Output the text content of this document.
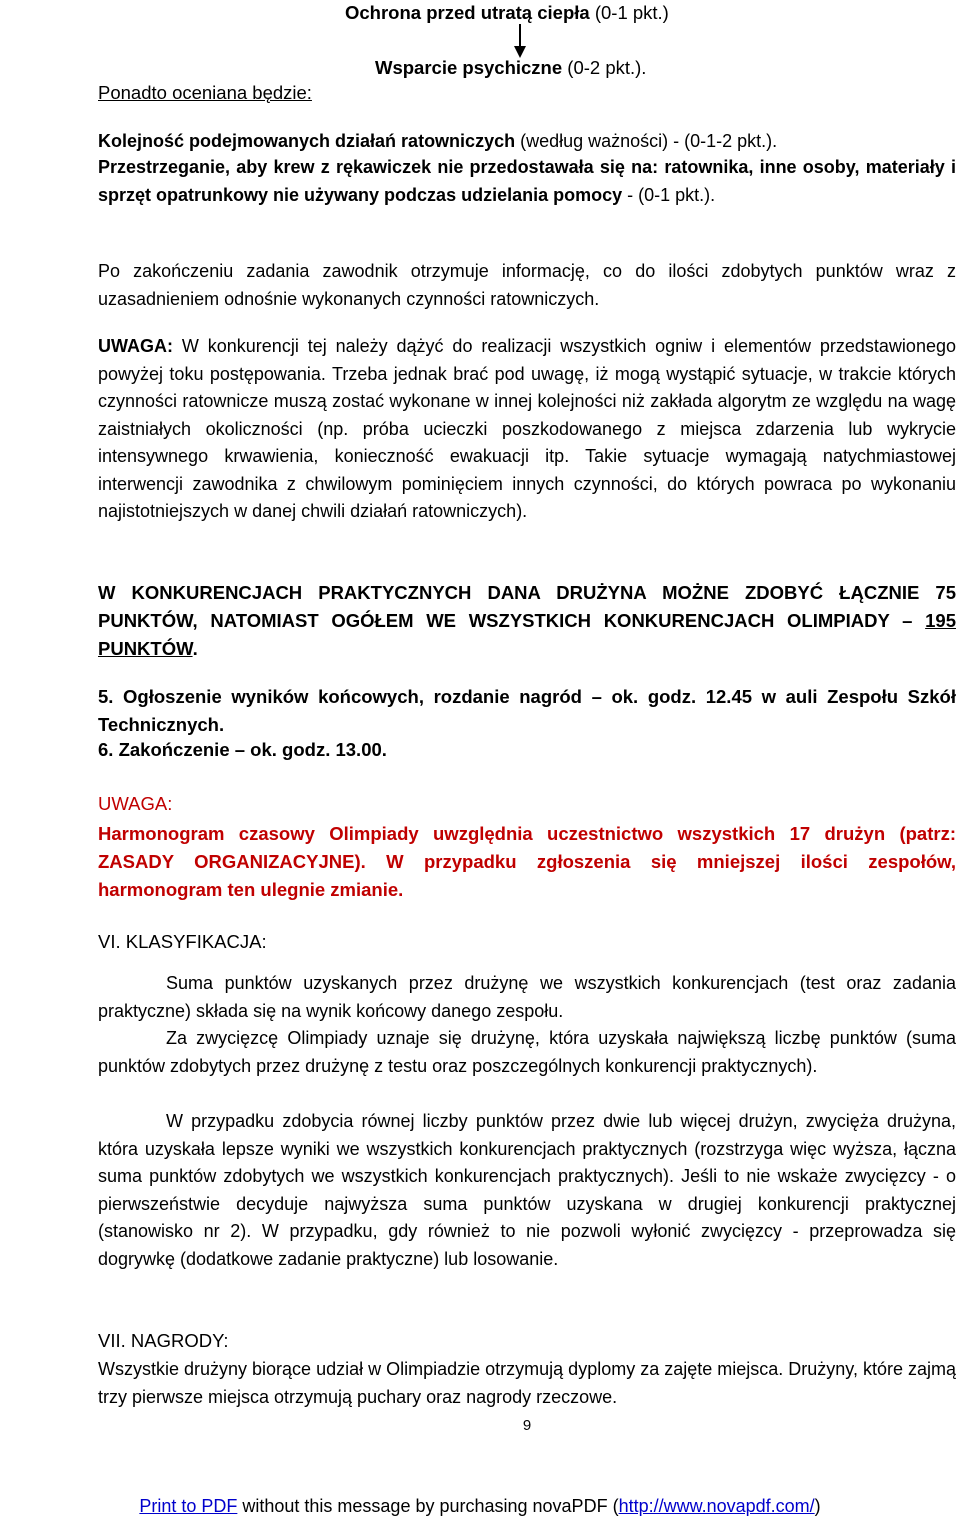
Ochrona przed utratą ciepła (0-1 pkt.)
Wsparcie psychiczne (0-2 pkt.).
Ponadto oceniana będzie:
Kolejność podejmowanych działań ratowniczych (według ważności) - (0-1-2 pkt.).
Przestrzeganie, aby krew z rękawiczek nie przedostawała się na: ratownika, inne osoby, materiały i sprzęt opatrunkowy nie używany podczas udzielania pomocy - (0-1 pkt.).
Po zakończeniu zadania zawodnik otrzymuje informację, co do ilości zdobytych punktów wraz z uzasadnieniem odnośnie wykonanych czynności ratowniczych.
UWAGA: W konkurencji tej należy dążyć do realizacji wszystkich ogniw i elementów przedstawionego powyżej toku postępowania. Trzeba jednak brać pod uwagę, iż mogą wystąpić sytuacje, w trakcie których czynności ratownicze muszą zostać wykonane w innej kolejności niż zakłada algorytm ze względu na wagę zaistniałych okoliczności (np. próba ucieczki poszkodowanego z miejsca zdarzenia lub wykrycie intensywnego krwawienia, konieczność ewakuacji itp. Takie sytuacje wymagają natychmiastowej interwencji zawodnika z chwilowym pominięciem innych czynności, do których powraca po wykonaniu najistotniejszych w danej chwili działań ratowniczych).
W KONKURENCJACH PRAKTYCZNYCH DANA DRUŻYNA MOŻNE ZDOBYĆ ŁĄCZNIE 75 PUNKTÓW, NATOMIAST OGÓŁEM WE WSZYSTKICH KONKURENCJACH OLIMPIADY – 195 PUNKTÓW.
5. Ogłoszenie wyników końcowych, rozdanie nagród – ok. godz. 12.45 w auli Zespołu Szkół Technicznych.
6. Zakończenie – ok. godz. 13.00.
UWAGA:
Harmonogram czasowy Olimpiady uwzględnia uczestnictwo wszystkich 17 drużyn (patrz: ZASADY ORGANIZACYJNE). W przypadku zgłoszenia się mniejszej ilości zespołów, harmonogram ten ulegnie zmianie.
VI. KLASYFIKACJA:
Suma punktów uzyskanych przez drużynę we wszystkich konkurencjach (test oraz zadania praktyczne) składa się na wynik końcowy danego zespołu.
Za zwycięzcę Olimpiady uznaje się drużynę, która uzyskała największą liczbę punktów (suma punktów zdobytych przez drużynę z testu oraz poszczególnych konkurencji praktycznych).
W przypadku zdobycia równej liczby punktów przez dwie lub więcej drużyn, zwycięża drużyna, która uzyskała lepsze wyniki we wszystkich konkurencjach praktycznych (rozstrzyga więc wyższa, łączna suma punktów zdobytych we wszystkich konkurencjach praktycznych). Jeśli to nie wskaże zwycięzcy - o pierwszeństwie decyduje najwyższa suma punktów uzyskana w drugiej konkurencji praktycznej (stanowisko nr 2). W przypadku, gdy również to nie pozwoli wyłonić zwycięzcy - przeprowadza się dogrywkę (dodatkowe zadanie praktyczne) lub losowanie.
VII. NAGRODY:
Wszystkie drużyny biorące udział w Olimpiadzie otrzymują dyplomy za zajęte miejsca. Drużyny, które zajmą trzy pierwsze miejsca otrzymują puchary oraz nagrody rzeczowe.
9
Print to PDF without this message by purchasing novaPDF (http://www.novapdf.com/)
